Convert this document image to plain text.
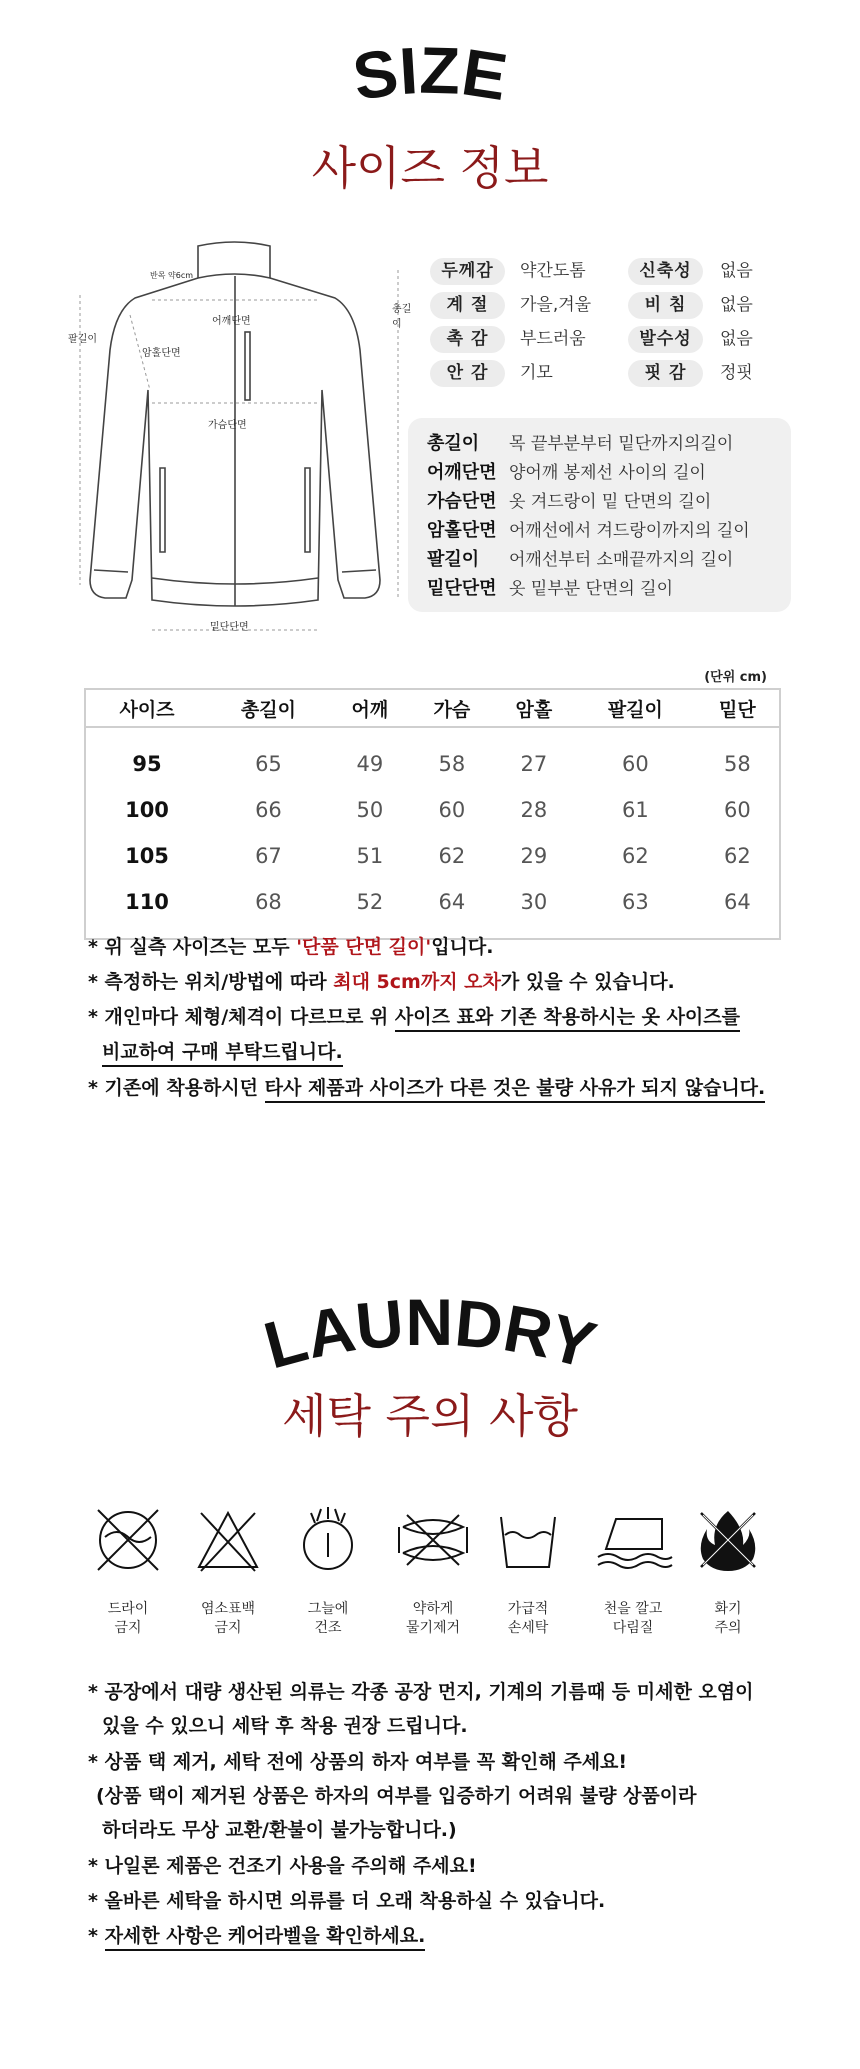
SIZE
사이즈 정보
반목 약6cm
총길이
팔길이
어깨단면
암홀단면
가슴단면
밑단단면
두께감	약간도톰	신축성	없음
계 절	가을,겨울	비 침	없음
촉 감	부드러움	발수성	없음
안 감	기모	핏 감	정핏
총길이 목 끝부분부터 밑단까지의길이
어깨단면 양어깨 봉제선 사이의 길이
가슴단면 옷 겨드랑이 밑 단면의 길이
암홀단면 어깨선에서 겨드랑이까지의 길이
팔길이 어깨선부터 소매끝까지의 길이
밑단단면 옷 밑부분 단면의 길이
(단위 cm)
사이즈	총길이	어깨	가슴	암홀	팔길이	밑단
95	65	49	58	27	60	58
100	66	50	60	28	61	60
105	67	51	62	29	62	62
110	68	52	64	30	63	64
* 위 실측 사이즈는 모두 '단품 단면 길이'입니다.
* 측정하는 위치/방법에 따라 최대 5cm까지 오차가 있을 수 있습니다.
* 개인마다 체형/체격이 다르므로 위 사이즈 표와 기존 착용하시는 옷 사이즈를
비교하여 구매 부탁드립니다.
* 기존에 착용하시던 타사 제품과 사이즈가 다른 것은 불량 사유가 되지 않습니다.
LAUNDRY
세탁 주의 사항
드라이
금지
염소표백
금지
그늘에
건조
약하게
물기제거
가급적
손세탁
천을 깔고
다림질
화기
주의
* 공장에서 대량 생산된 의류는 각종 공장 먼지, 기계의 기름때 등 미세한 오염이
있을 수 있으니 세탁 후 착용 권장 드립니다.
* 상품 택 제거, 세탁 전에 상품의 하자 여부를 꼭 확인해 주세요!
(상품 택이 제거된 상품은 하자의 여부를 입증하기 어려워 불량 상품이라
하더라도 무상 교환/환불이 불가능합니다.)
* 나일론 제품은 건조기 사용을 주의해 주세요!
* 올바른 세탁을 하시면 의류를 더 오래 착용하실 수 있습니다.
* 자세한 사항은 케어라벨을 확인하세요.
